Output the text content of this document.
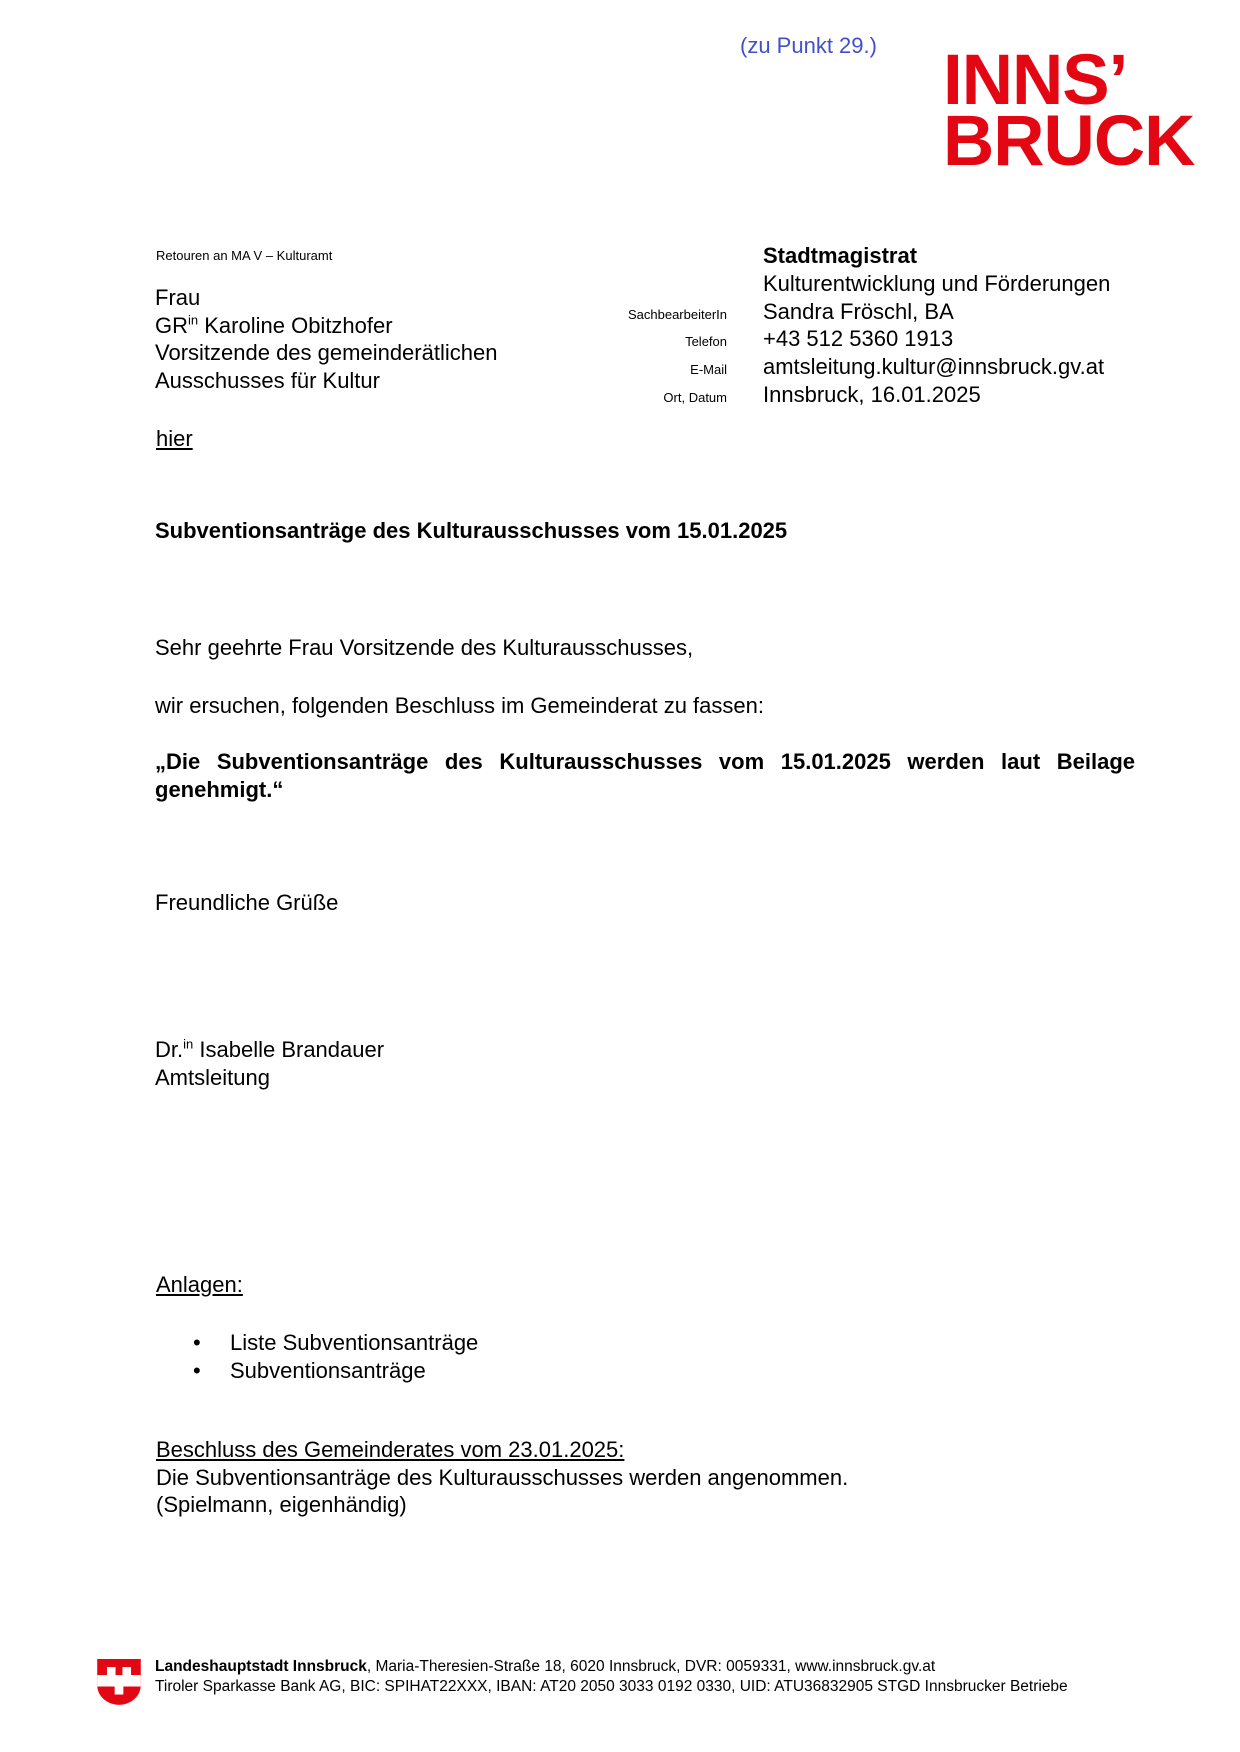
(zu Punkt 29.) INNS’
BRUCK
Retouren an MA V – Kulturamt
Frau
$GR^{in}$ Karoline Obitzhofer
Vorsitzende des gemeinderätlichen
Ausschusses für Kultur
hier
Stadtmagistrat
Kulturentwicklung und Förderungen
SachbearbeiterIn Sandra Fröschl, BA
Telefon +43 512 5360 1913
E-Mail amtsleitung.kultur@innsbruck.gv.at
Ort, Datum Innsbruck, 16.01.2025
Subventionsanträge des Kulturausschusses vom 15.01.2025
Sehr geehrte Frau Vorsitzende des Kulturausschusses,
wir ersuchen, folgenden Beschluss im Gemeinderat zu fassen:
„Die Subventionsanträge des Kulturausschusses vom 15.01.2025 werden laut Beilage genehmigt.“
Freundliche Grüße
Dr.$^{in}$ Isabelle Brandauer
Amtsleitung
Anlagen:
•	Liste Subventionsanträge
•	Subventionsanträge
Beschluss des Gemeinderates vom 23.01.2025:
Die Subventionsanträge des Kulturausschusses werden angenommen.
(Spielmann, eigenhändig)
Landeshauptstadt Innsbruck, Maria-Theresien-Straße 18, 6020 Innsbruck, DVR: 0059331, www.innsbruck.gv.at
Tiroler Sparkasse Bank AG, BIC: SPIHAT22XXX, IBAN: AT20 2050 3033 0192 0330, UID: ATU36832905 STGD Innsbrucker Betriebe
